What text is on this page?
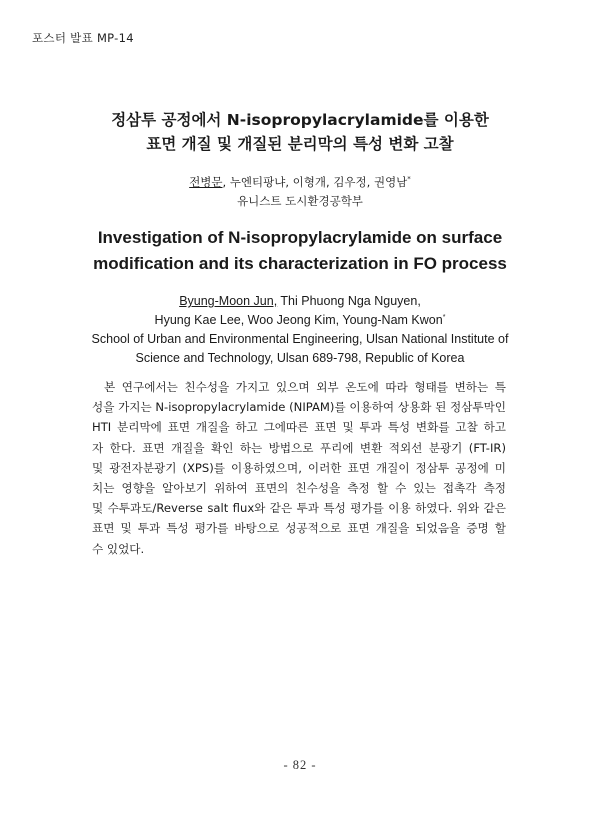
포스터 발표 MP-14
정삼투 공정에서 N-isopropylacrylamide를 이용한
표면 개질 및 개질된 분리막의 특성 변화 고찰
전병문, 누엔티팡냐, 이형개, 김우정, 권영남*
유니스트 도시환경공학부
Investigation of N-isopropylacrylamide on surface
modification and its characterization in FO process
Byung-Moon Jun, Thi Phuong Nga Nguyen,
Hyung Kae Lee, Woo Jeong Kim, Young-Nam Kwon*
School of Urban and Environmental Engineering, Ulsan National Institute of
Science and Technology, Ulsan 689-798, Republic of Korea
본 연구에서는 친수성을 가지고 있으며 외부 온도에 따라 형태를 변하는 특
성을 가지는 N-isopropylacrylamide (NIPAM)를 이용하여 상용화 된 정삼투막인
HTI 분리막에 표면 개질을 하고 그에따른 표면 및 투과 특성 변화를 고찰 하고
자 한다. 표면 개질을 확인 하는 방법으로 푸리에 변환 적외선 분광기 (FT-IR)
및 광전자분광기 (XPS)를 이용하였으며, 이러한 표면 개질이 정삼투 공정에 미
치는 영향을 알아보기 위하여 표면의 친수성을 측정 할 수 있는 접촉각 측정
및 수투과도/Reverse salt flux와 같은 투과 특성 평가를 이용 하였다. 위와 같은
표면 및 투과 특성 평가를 바탕으로 성공적으로 표면 개질을 되었음을 증명 할
수 있었다.
- 82 -
